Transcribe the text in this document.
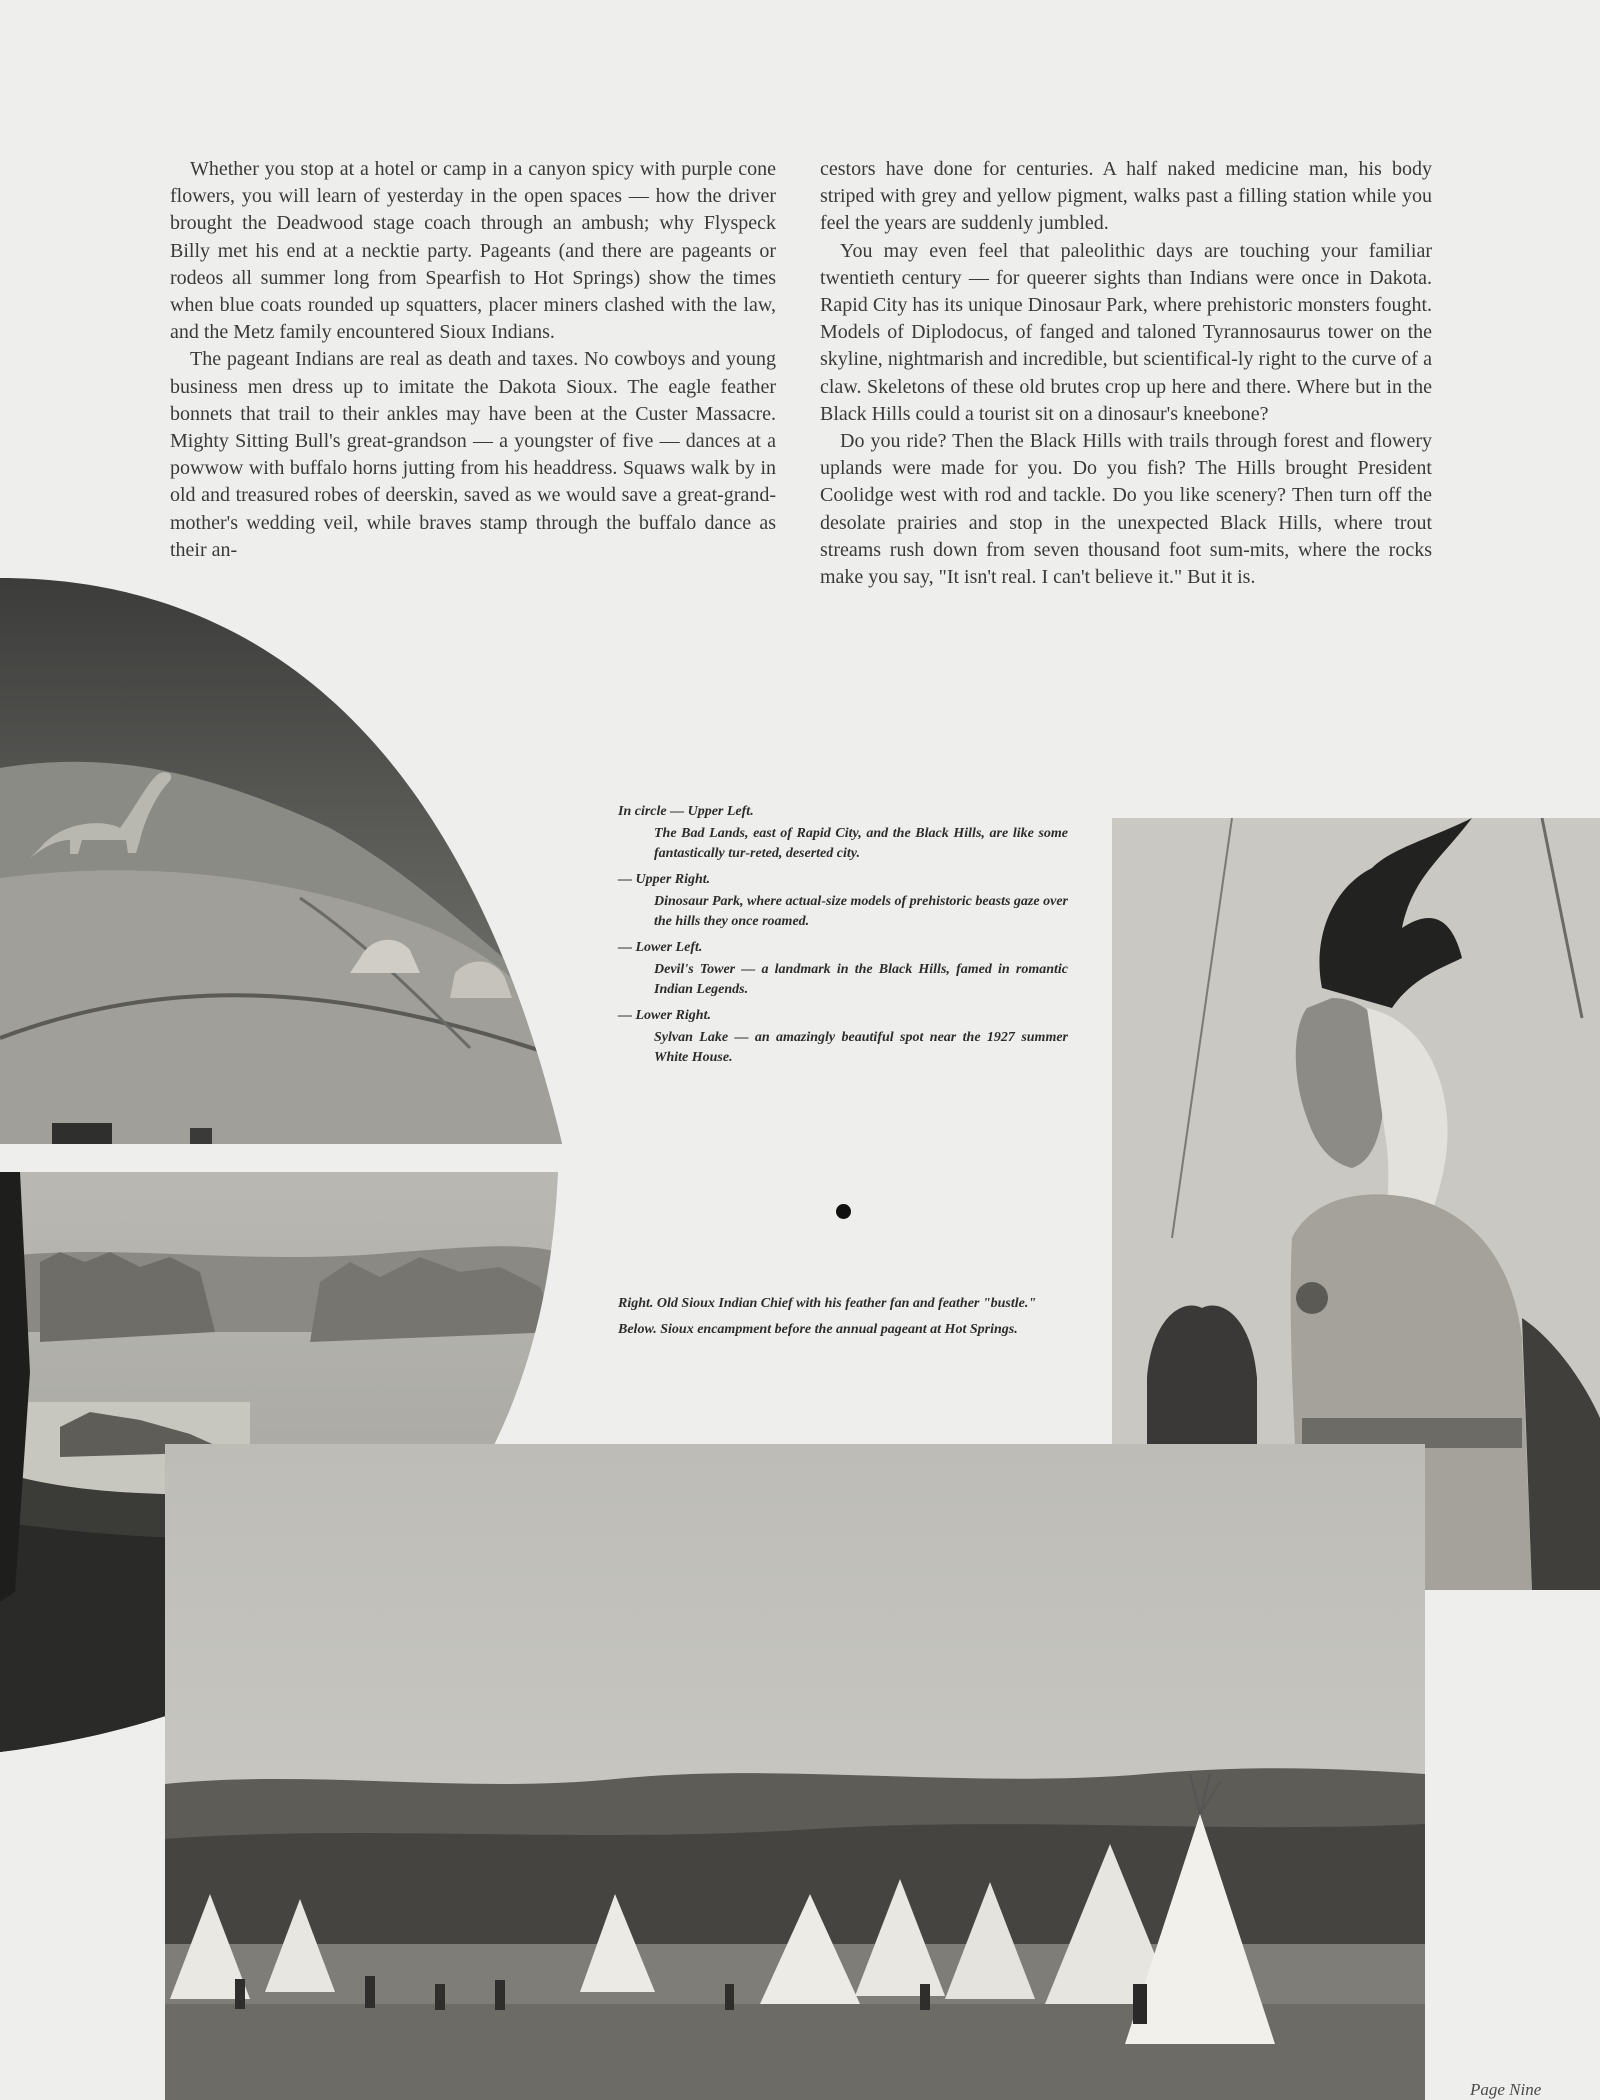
Whether you stop at a hotel or camp in a canyon spicy with purple cone flowers, you will learn of yesterday in the open spaces — how the driver brought the Deadwood stage coach through an ambush; why Flyspeck Billy met his end at a necktie party. Pageants (and there are pageants or rodeos all summer long from Spearfish to Hot Springs) show the times when blue coats rounded up squatters, placer miners clashed with the law, and the Metz family encountered Sioux Indians.

The pageant Indians are real as death and taxes. No cowboys and young business men dress up to imitate the Dakota Sioux. The eagle feather bonnets that trail to their ankles may have been at the Custer Massacre. Mighty Sitting Bull's great-grandson — a youngster of five — dances at a powwow with buffalo horns jutting from his headdress. Squaws walk by in old and treasured robes of deerskin, saved as we would save a great-grand-mother's wedding veil, while braves stamp through the buffalo dance as their an-

cestors have done for centuries. A half naked medicine man, his body striped with grey and yellow pigment, walks past a filling station while you feel the years are suddenly jumbled.

You may even feel that paleolithic days are touching your familiar twentieth century — for queerer sights than Indians were once in Dakota. Rapid City has its unique Dinosaur Park, where prehistoric monsters fought. Models of Diplodocus, of fanged and taloned Tyrannosaurus tower on the skyline, nightmarish and incredible, but scientifical-ly right to the curve of a claw. Skeletons of these old brutes crop up here and there. Where but in the Black Hills could a tourist sit on a dinosaur's kneebone?

Do you ride? Then the Black Hills with trails through forest and flowery uplands were made for you. Do you fish? The Hills brought President Coolidge west with rod and tackle. Do you like scenery? Then turn off the desolate prairies and stop in the unexpected Black Hills, where trout streams rush down from seven thousand foot sum-mits, where the rocks make you say, "It isn't real. I can't believe it." But it is.

In circle — Upper Left.

The Bad Lands, east of Rapid City, and the Black Hills, are like some fantastically tur-reted, deserted city.

— Upper Right.

Dinosaur Park, where actual-size models of prehistoric beasts gaze over the hills they once roamed.

— Lower Left.

Devil's Tower — a landmark in the Black Hills, famed in romantic Indian Legends.

— Lower Right.

Sylvan Lake — an amazingly beautiful spot near the 1927 summer White House.

Right. Old Sioux Indian Chief with his feather fan and feather "bustle."

Below. Sioux encampment before the annual pageant at Hot Springs.

Page Nine
